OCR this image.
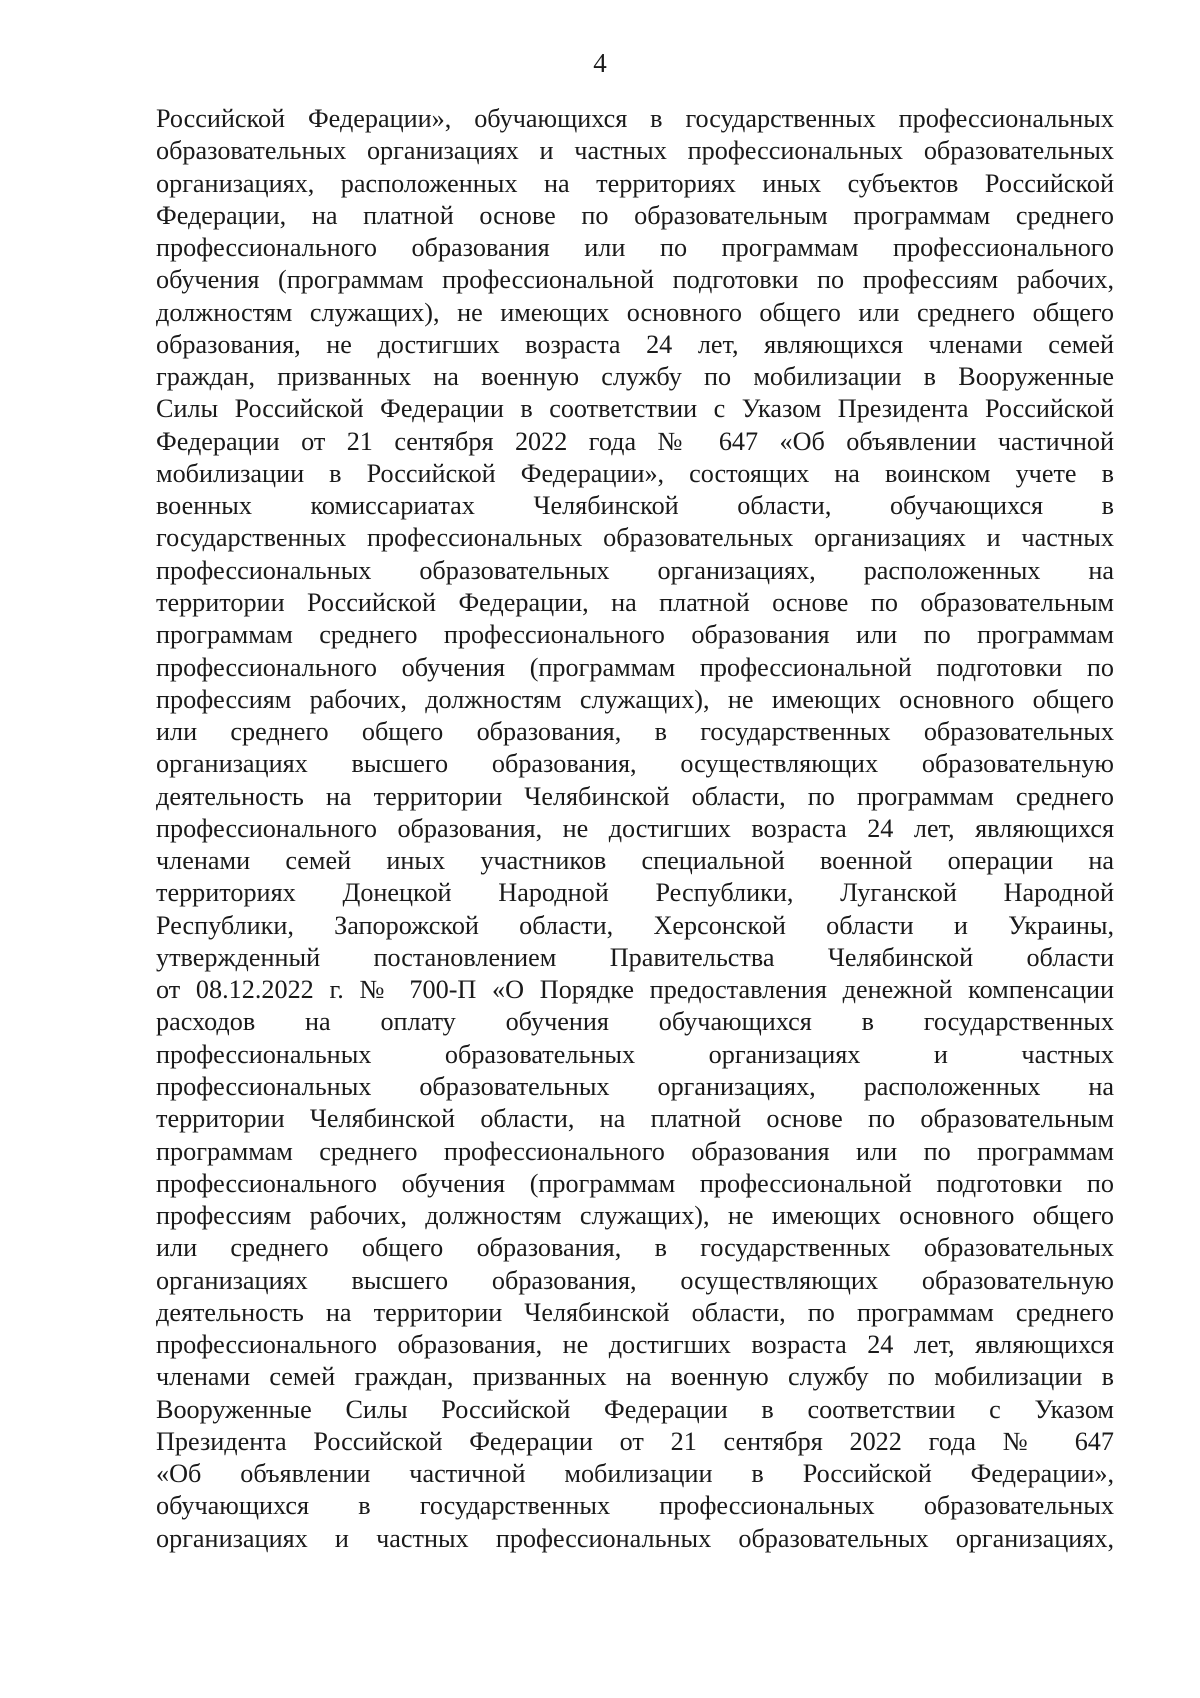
4
Российской Федерации», обучающихся в государственных профессиональных
образовательных организациях и частных профессиональных образовательных
организациях, расположенных на территориях иных субъектов Российской
Федерации, на платной основе по образовательным программам среднего
профессионального образования или по программам профессионального
обучения (программам профессиональной подготовки по профессиям рабочих,
должностям служащих), не имеющих основного общего или среднего общего
образования, не достигших возраста 24 лет, являющихся членами семей
граждан, призванных на военную службу по мобилизации в Вооруженные
Силы Российской Федерации в соответствии с Указом Президента Российской
Федерации от 21 сентября 2022 года № 647 «Об объявлении частичной
мобилизации в Российской Федерации», состоящих на воинском учете в
военных комиссариатах Челябинской области, обучающихся в
государственных профессиональных образовательных организациях и частных
профессиональных образовательных организациях, расположенных на
территории Российской Федерации, на платной основе по образовательным
программам среднего профессионального образования или по программам
профессионального обучения (программам профессиональной подготовки по
профессиям рабочих, должностям служащих), не имеющих основного общего
или среднего общего образования, в государственных образовательных
организациях высшего образования, осуществляющих образовательную
деятельность на территории Челябинской области, по программам среднего
профессионального образования, не достигших возраста 24 лет, являющихся
членами семей иных участников специальной военной операции на
территориях Донецкой Народной Республики, Луганской Народной
Республики, Запорожской области, Херсонской области и Украины,
утвержденный постановлением Правительства Челябинской области
от 08.12.2022 г. № 700-П «О Порядке предоставления денежной компенсации
расходов на оплату обучения обучающихся в государственных
профессиональных образовательных организациях и частных
профессиональных образовательных организациях, расположенных на
территории Челябинской области, на платной основе по образовательным
программам среднего профессионального образования или по программам
профессионального обучения (программам профессиональной подготовки по
профессиям рабочих, должностям служащих), не имеющих основного общего
или среднего общего образования, в государственных образовательных
организациях высшего образования, осуществляющих образовательную
деятельность на территории Челябинской области, по программам среднего
профессионального образования, не достигших возраста 24 лет, являющихся
членами семей граждан, призванных на военную службу по мобилизации в
Вооруженные Силы Российской Федерации в соответствии с Указом
Президента Российской Федерации от 21 сентября 2022 года № 647
«Об объявлении частичной мобилизации в Российской Федерации»,
обучающихся в государственных профессиональных образовательных
организациях и частных профессиональных образовательных организациях,
